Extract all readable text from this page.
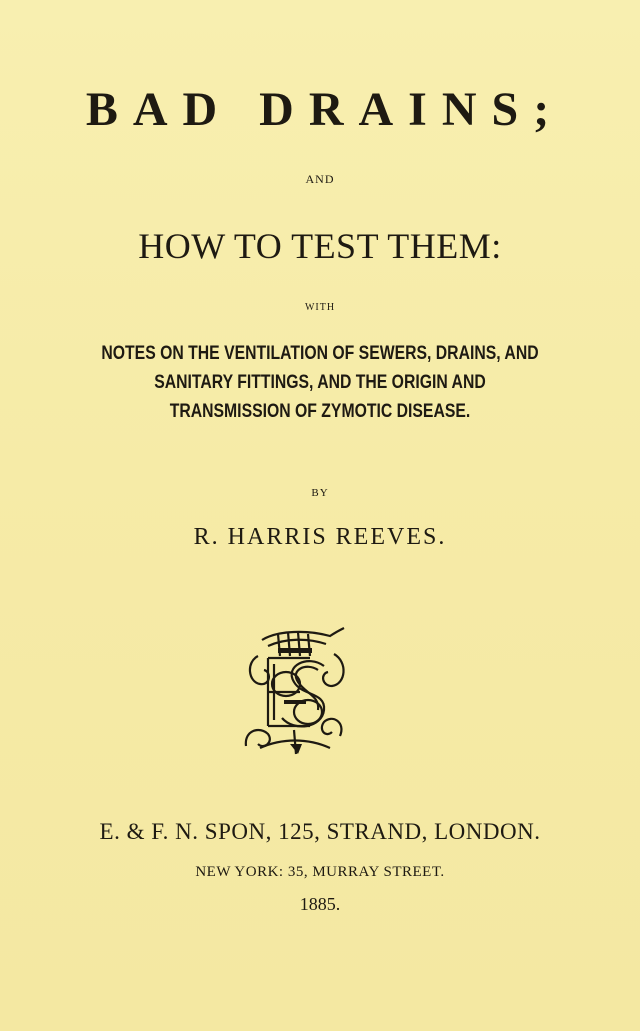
BAD DRAINS;
AND
HOW TO TEST THEM:
WITH
NOTES ON THE VENTILATION OF SEWERS, DRAINS, AND
SANITARY FITTINGS, AND THE ORIGIN AND
TRANSMISSION OF ZYMOTIC DISEASE.
BY
R. HARRIS REEVES.
E. & F. N. SPON, 125, STRAND, LONDON.
NEW YORK: 35, MURRAY STREET.
1885.
